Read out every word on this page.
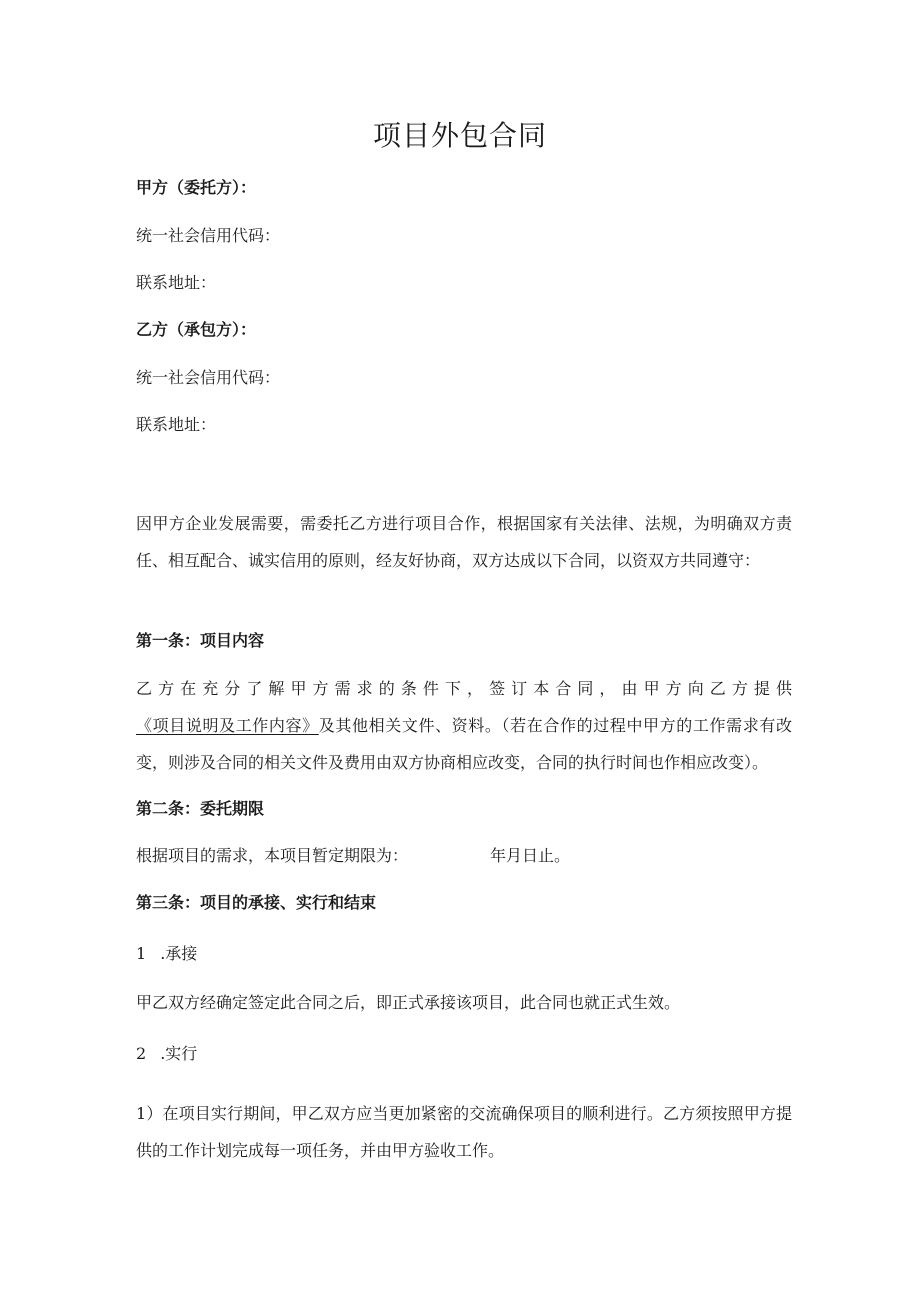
项目外包合同
甲方（委托方）：
统一社会信用代码：
联系地址：
乙方（承包方）：
统一社会信用代码：
联系地址：
因甲方企业发展需要，需委托乙方进行项目合作，根据国家有关法律、法规，为明确双方责任、相互配合、诚实信用的原则，经友好协商，双方达成以下合同，以资双方共同遵守：
第一条：项目内容
乙方在充分了解甲方需求的条件下，签订本合同，由甲方向乙方提供《项目说明及工作内容》及其他相关文件、资料。（若在合作的过程中甲方的工作需求有改变，则涉及合同的相关文件及费用由双方协商相应改变，合同的执行时间也作相应改变）。
第二条：委托期限
根据项目的需求，本项目暂定期限为：	年月日止。
第三条：项目的承接、实行和结束
1 .承接
甲乙双方经确定签定此合同之后，即正式承接该项目，此合同也就正式生效。
2 .实行
1）在项目实行期间，甲乙双方应当更加紧密的交流确保项目的顺利进行。乙方须按照甲方提供的工作计划完成每一项任务，并由甲方验收工作。
